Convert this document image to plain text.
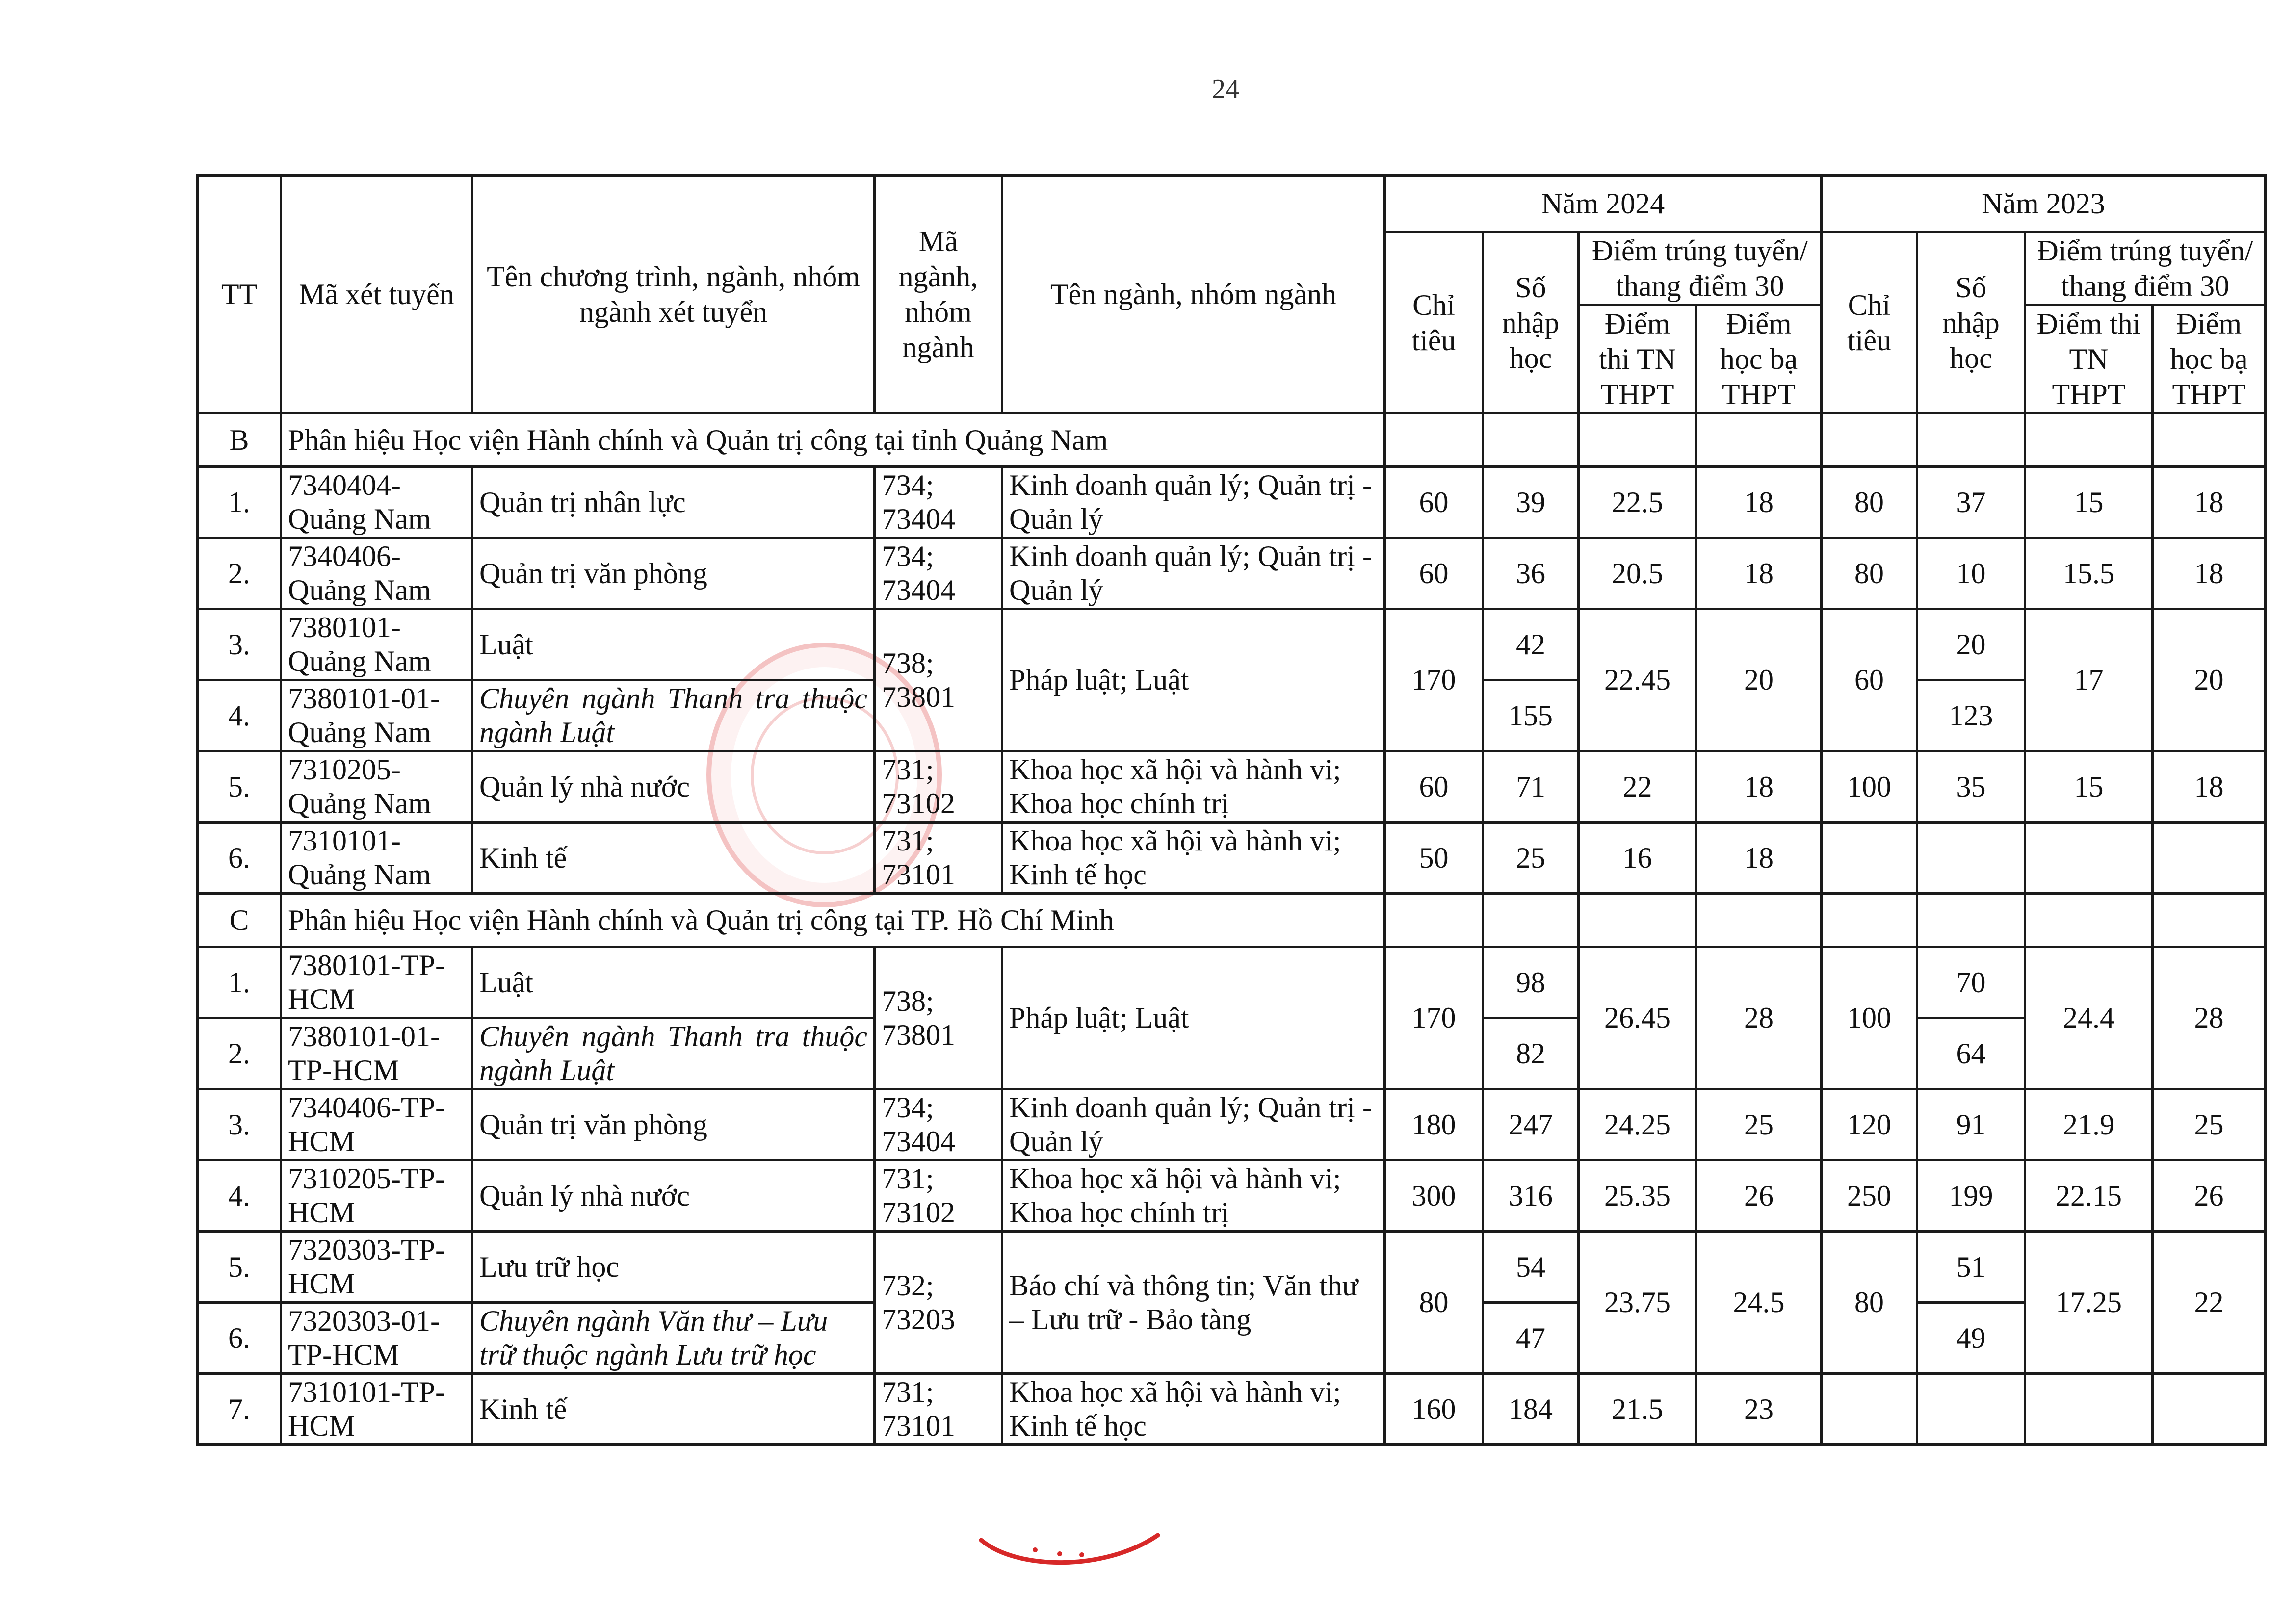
24
TT	Mã xét tuyển	Tên chương trình, ngành, nhóm ngành xét tuyển	Mã ngành, nhóm ngành	Tên ngành, nhóm ngành	Năm 2024				Năm 2023			
					Chỉ tiêu	Số nhập học	Điểm trúng tuyển/ thang điểm 30		Chỉ tiêu	Số nhập học	Điểm trúng tuyển/ thang điểm 30	
							Điểm thi TN THPT	Điểm học bạ THPT			Điểm thi TN THPT	Điểm học bạ THPT

B	Phân hiệu Học viện Hành chính và Quản trị công tại tỉnh Quảng Nam											
1.	7340404-Quảng Nam	Quản trị nhân lực	734; 73404	Kinh doanh quản lý; Quản trị - Quản lý	60	39	22.5	18	80	37	15	18
2.	7340406-Quảng Nam	Quản trị văn phòng	734; 73404	Kinh doanh quản lý; Quản trị - Quản lý	60	36	20.5	18	80	10	15.5	18
3.	7380101-Quảng Nam	Luật	738; 73801	Pháp luật; Luật	170	42	22.45	20	60	20	17	20
4.	7380101-01-Quảng Nam	Chuyên ngành Thanh tra thuộc ngành Luật				155				123		
5.	7310205-Quảng Nam	Quản lý nhà nước	731; 73102	Khoa học xã hội và hành vi; Khoa học chính trị	60	71	22	18	100	35	15	18
6.	7310101-Quảng Nam	Kinh tế	731; 73101	Khoa học xã hội và hành vi; Kinh tế học	50	25	16	18				
C	Phân hiệu Học viện Hành chính và Quản trị công tại TP. Hồ Chí Minh											
1.	7380101-TP-HCM	Luật	738; 73801	Pháp luật; Luật	170	98	26.45	28	100	70	24.4	28
2.	7380101-01-TP-HCM	Chuyên ngành Thanh tra thuộc ngành Luật				82				64		
3.	7340406-TP-HCM	Quản trị văn phòng	734; 73404	Kinh doanh quản lý; Quản trị - Quản lý	180	247	24.25	25	120	91	21.9	25
4.	7310205-TP-HCM	Quản lý nhà nước	731; 73102	Khoa học xã hội và hành vi; Khoa học chính trị	300	316	25.35	26	250	199	22.15	26
5.	7320303-TP-HCM	Lưu trữ học	732; 73203	Báo chí và thông tin; Văn thư – Lưu trữ - Bảo tàng	80	54	23.75	24.5	80	51	17.25	22
6.	7320303-01-TP-HCM	Chuyên ngành Văn thư – Lưu trữ thuộc ngành Lưu trữ học				47				49		
7.	7310101-TP-HCM	Kinh tế	731; 73101	Khoa học xã hội và hành vi; Kinh tế học	160	184	21.5	23				
